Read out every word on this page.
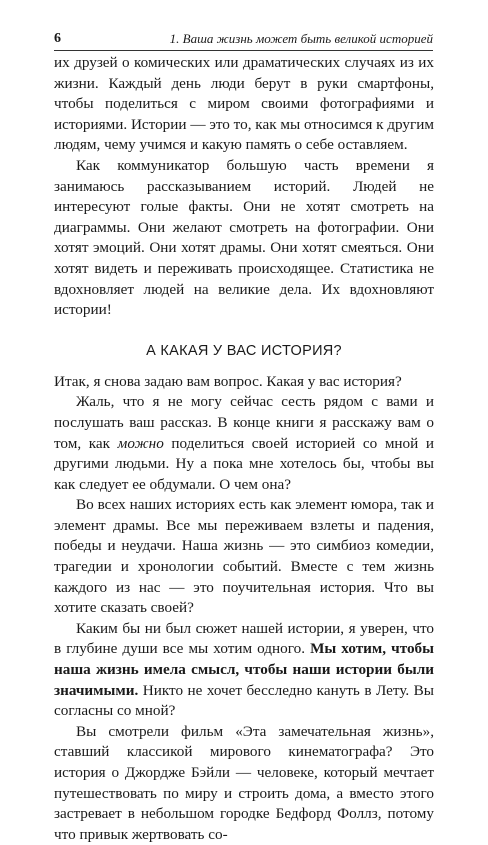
6	1. Ваша жизнь может быть великой историей

их друзей о комических или драматических случаях из их жизни. Каждый день люди берут в руки смартфоны, чтобы поделиться с миром своими фотографиями и историями. Истории — это то, как мы относимся к другим людям, чему учимся и какую память о себе оставляем.

Как коммуникатор большую часть времени я занимаюсь рассказыванием историй. Людей не интересуют голые факты. Они не хотят смотреть на диаграммы. Они желают смотреть на фотографии. Они хотят эмоций. Они хотят драмы. Они хотят смеяться. Они хотят видеть и переживать происходящее. Статистика не вдохновляет людей на великие дела. Их вдохновляют истории!

А КАКАЯ У ВАС ИСТОРИЯ?

Итак, я снова задаю вам вопрос. Какая у вас история?

Жаль, что я не могу сейчас сесть рядом с вами и послушать ваш рассказ. В конце книги я расскажу вам о том, как можно поделиться своей историей со мной и другими людьми. Ну а пока мне хотелось бы, чтобы вы как следует ее обдумали. О чем она?

Во всех наших историях есть как элемент юмора, так и элемент драмы. Все мы переживаем взлеты и падения, победы и неудачи. Наша жизнь — это симбиоз комедии, трагедии и хронологии событий. Вместе с тем жизнь каждого из нас — это поучительная история. Что вы хотите сказать своей?

Каким бы ни был сюжет нашей истории, я уверен, что в глубине души все мы хотим одного. Мы хотим, чтобы наша жизнь имела смысл, чтобы наши истории были значимыми. Никто не хочет бесследно кануть в Лету. Вы согласны со мной?

Вы смотрели фильм «Эта замечательная жизнь», ставший классикой мирового кинематографа? Это история о Джордже Бэйли — человеке, который мечтает путешествовать по миру и строить дома, а вместо этого застревает в небольшом городке Бедфорд Фоллз, потому что привык жертвовать со-
